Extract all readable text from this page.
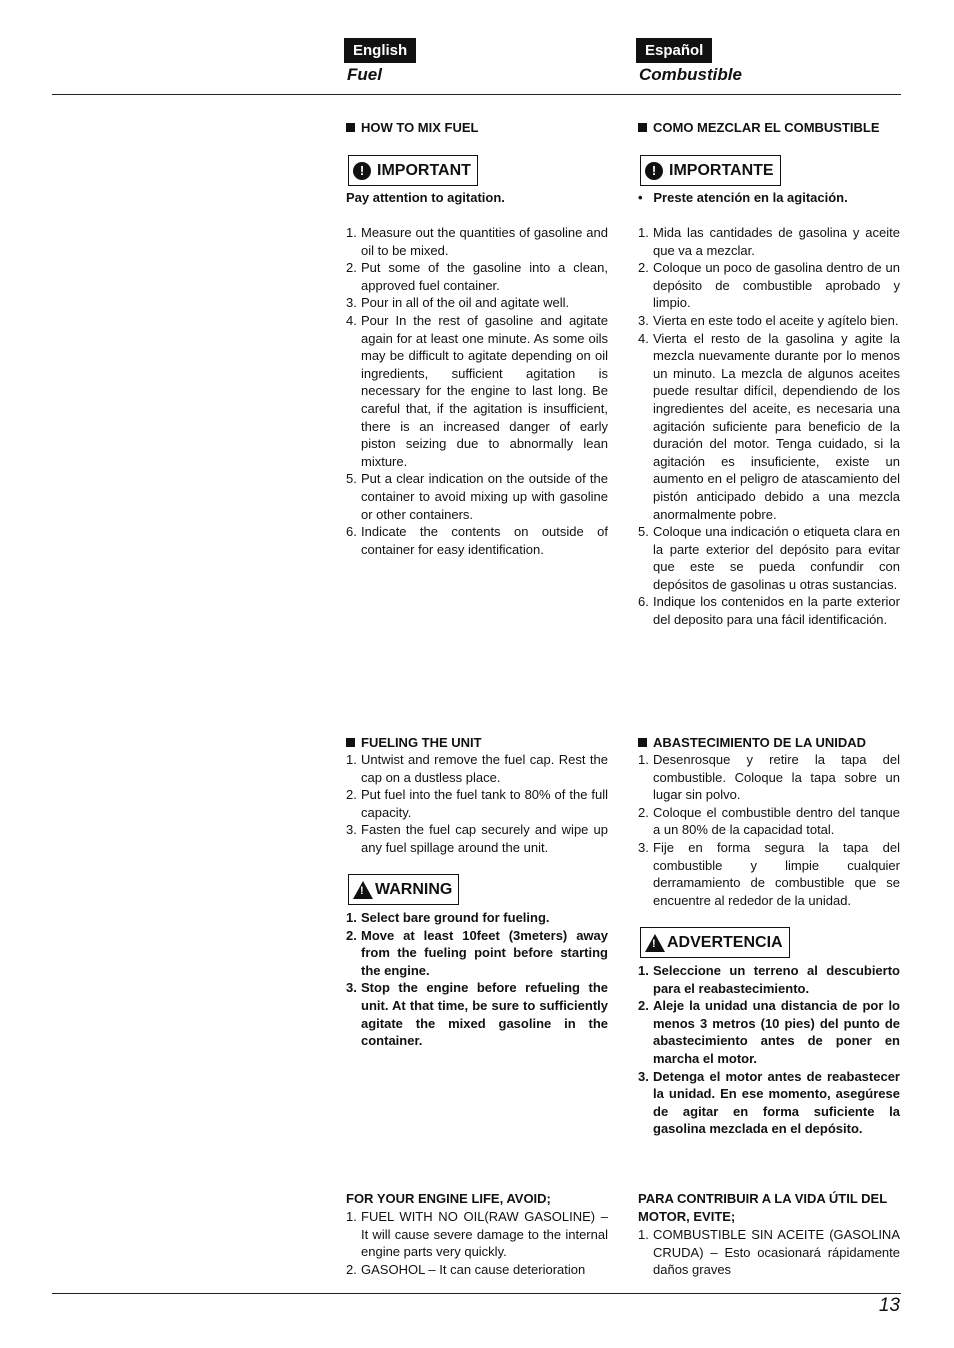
English	Español
Fuel	Combustible
HOW TO MIX FUEL
! IMPORTANT
Pay attention to agitation.
1. Measure out the quantities of gasoline and oil to be mixed.
2. Put some of the gasoline into a clean, approved fuel container.
3. Pour in all of the oil and agitate well.
4. Pour In the rest of gasoline and agitate again for at least one minute. As some oils may be difficult to agitate depending on oil ingredients, sufficient agitation is necessary for the engine to last long. Be careful that, if the agitation is insufficient, there is an increased danger of early piston seizing due to abnormally lean mixture.
5. Put a clear indication on the outside of the container to avoid mixing up with gasoline or other containers.
6. Indicate the contents on outside of container for easy identification.
FUELING THE UNIT
1. Untwist and remove the fuel cap. Rest the cap on a dustless place.
2. Put fuel into the fuel tank to 80% of the full capacity.
3. Fasten the fuel cap securely and wipe up any fuel spillage around the unit.
! WARNING
1. Select bare ground for fueling.
2. Move at least 10feet (3meters) away from the fueling point before starting the engine.
3. Stop the engine before refueling the unit. At that time, be sure to sufficiently agitate the mixed gasoline in the container.
FOR YOUR ENGINE LIFE, AVOID;
1. FUEL WITH NO OIL(RAW GASOLINE) – It will cause severe damage to the internal engine parts very quickly.
2. GASOHOL – It can cause deterioration
COMO MEZCLAR EL COMBUSTIBLE
! IMPORTANTE
•   Preste atención en la agitación.
1. Mida las cantidades de gasolina y aceite que va a mezclar.
2. Coloque un poco de gasolina dentro de un depósito de combustible aprobado y limpio.
3. Vierta en este todo el aceite y agítelo bien.
4. Vierta el resto de la gasolina y agite la mezcla nuevamente durante por lo menos un minuto. La mezcla de algunos aceites puede resultar difícil, dependiendo de los ingredientes del aceite, es necesaria una agitación suficiente para beneficio de la duración del motor. Tenga cuidado, si la agitación es insuficiente, existe un aumento en el peligro de atascamiento del pistón anticipado debido a una mezcla anormalmente pobre.
5. Coloque una indicación o etiqueta clara en la parte exterior del depósito para evitar que este se pueda confundir con depósitos de gasolinas u otras sustancias.
6. Indique los contenidos en la parte exterior del deposito para una fácil identificación.
ABASTECIMIENTO DE LA UNIDAD
1. Desenrosque y retire la tapa del combustible. Coloque la tapa sobre un lugar sin polvo.
2. Coloque el combustible dentro del tanque a un 80% de la capacidad total.
3. Fije en forma segura la tapa del combustible y limpie cualquier derramamiento de combustible que se encuentre al rededor de la unidad.
! ADVERTENCIA
1. Seleccione un terreno al descubierto para el reabastecimiento.
2. Aleje la unidad una distancia de por lo menos 3 metros (10 pies) del punto de abastecimiento antes de poner en marcha el motor.
3. Detenga el motor antes de reabastecer la unidad. En ese momento, asegúrese de agitar en forma suficiente la gasolina mezclada en el depósito.
PARA CONTRIBUIR A LA VIDA ÚTIL DEL MOTOR, EVITE;
1. COMBUSTIBLE SIN ACEITE (GASOLINA CRUDA) – Esto ocasionará rápidamente daños graves
13
